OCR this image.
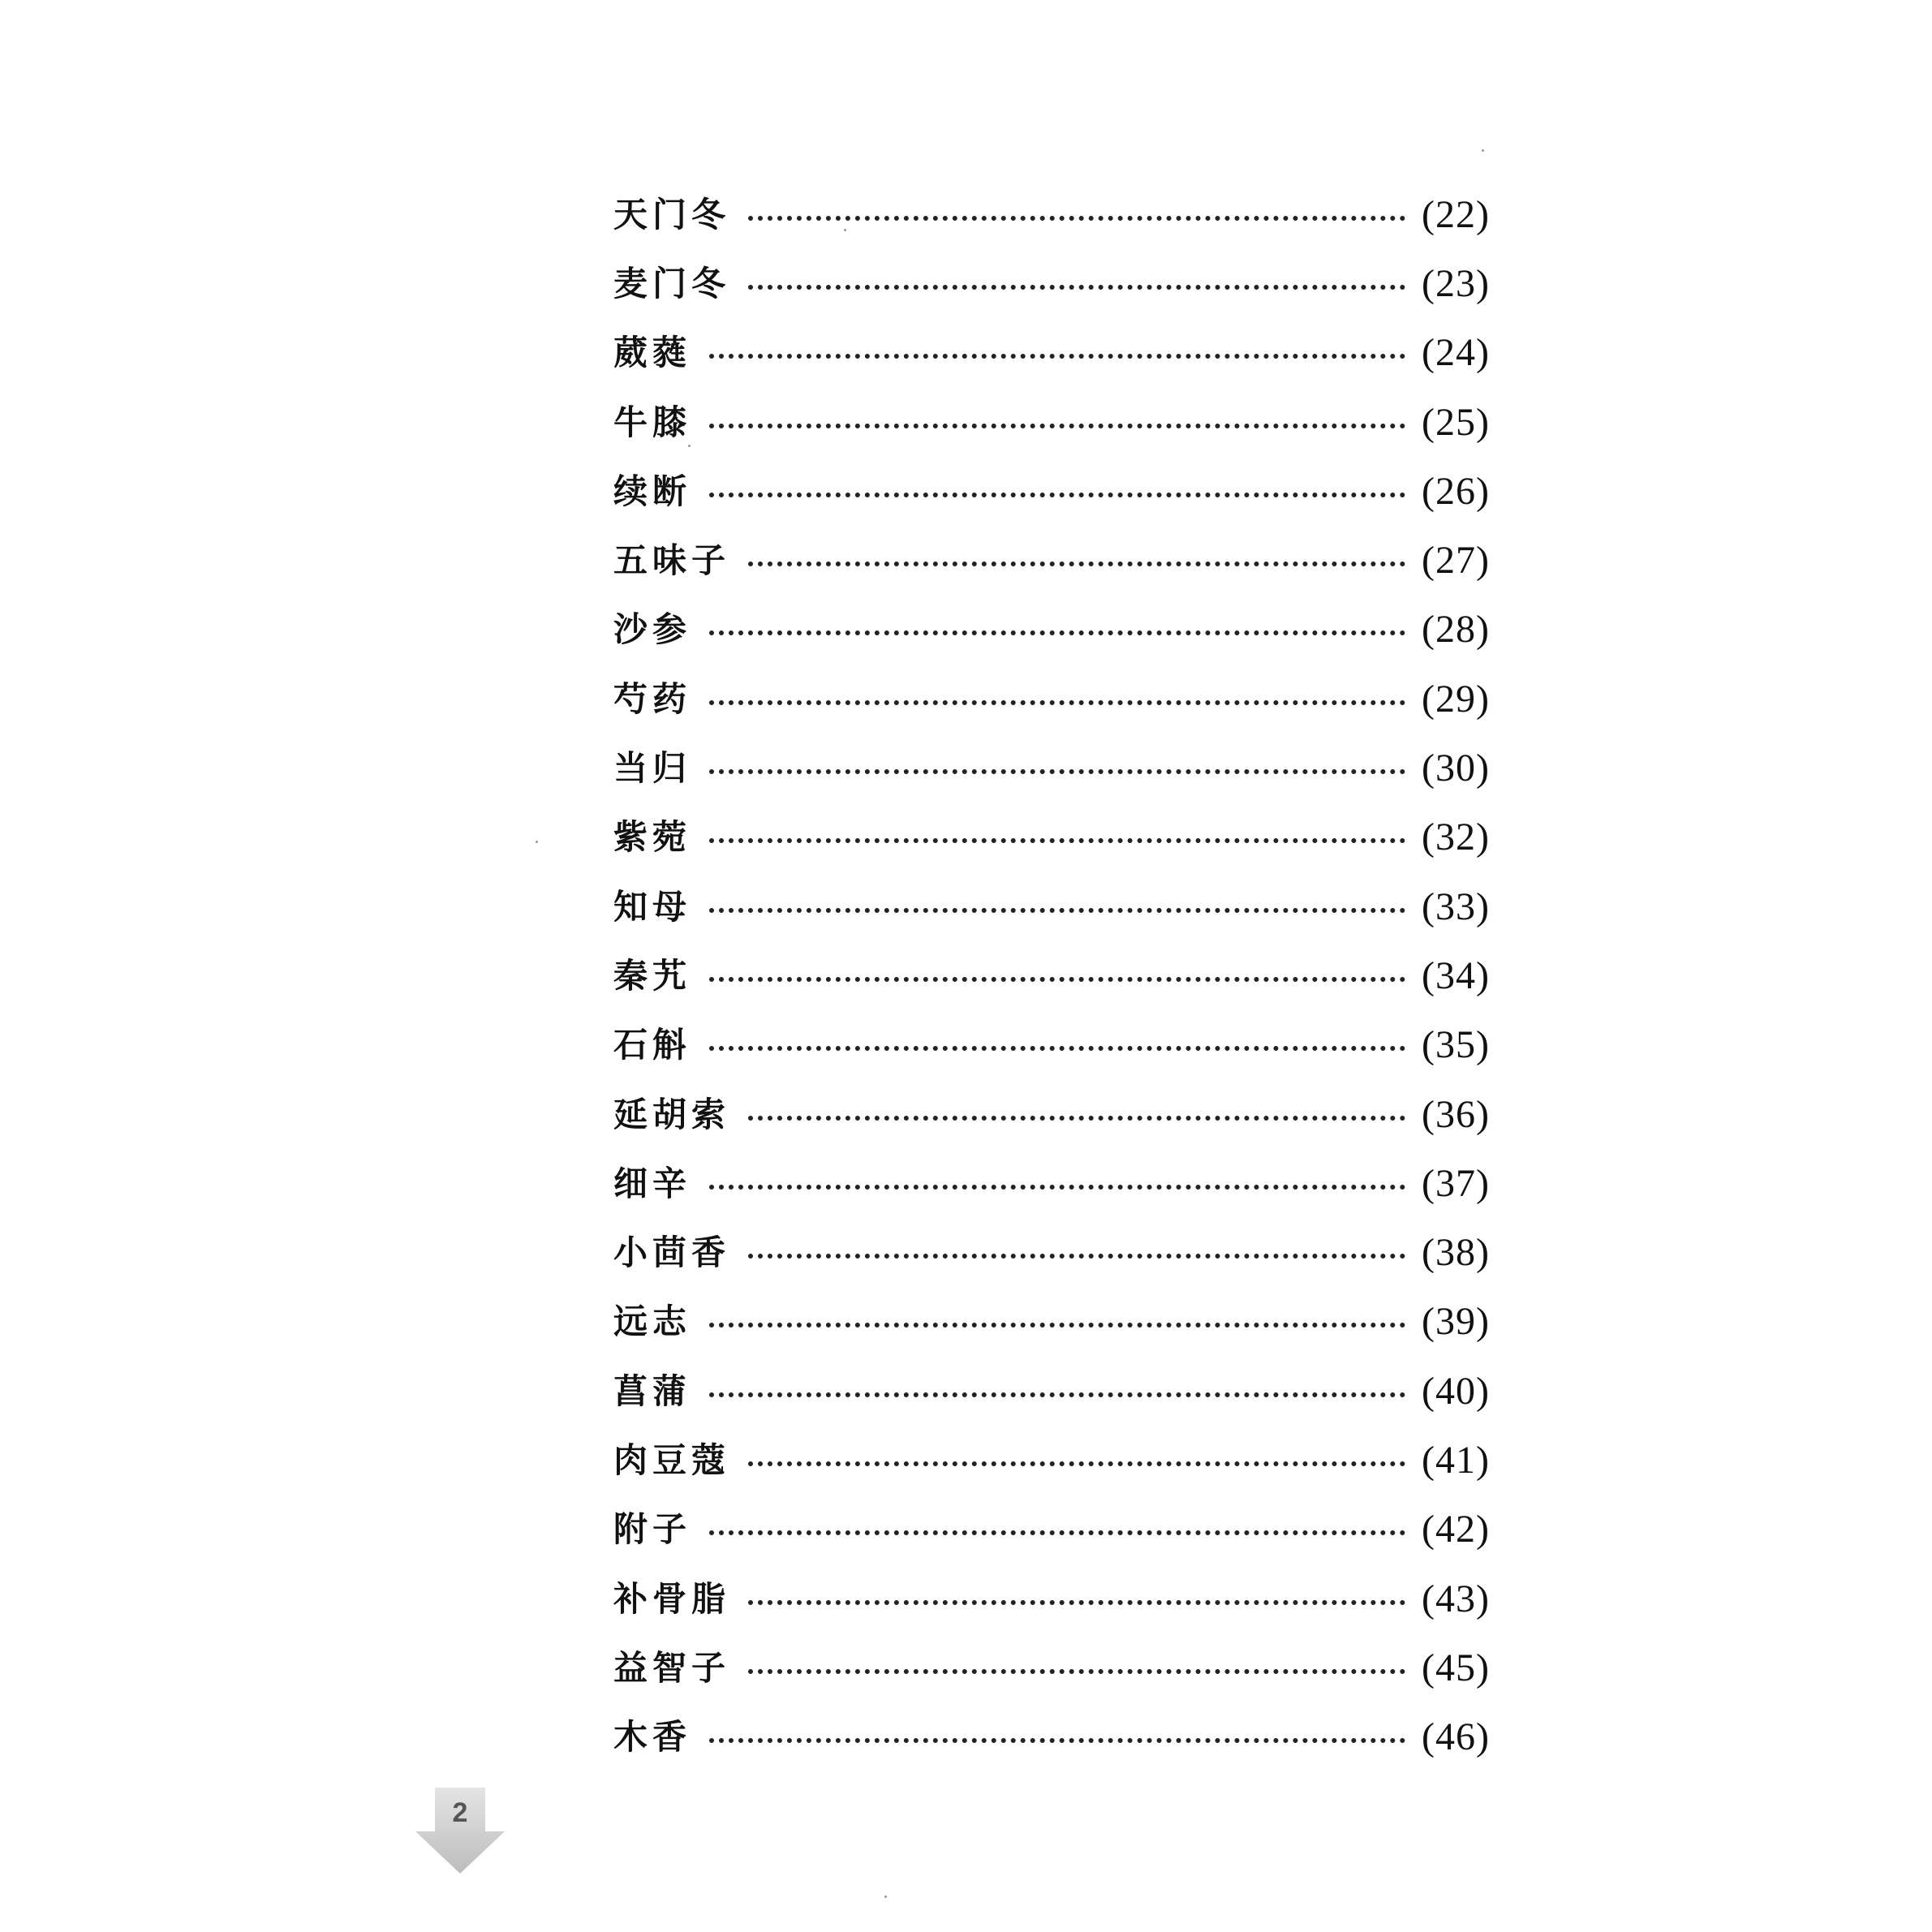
天门冬	(22)
麦门冬	(23)
葳蕤	(24)
牛膝	(25)
续断	(26)
五味子	(27)
沙参	(28)
芍药	(29)
当归	(30)
紫菀	(32)
知母	(33)
秦艽	(34)
石斛	(35)
延胡索	(36)
细辛	(37)
小茴香	(38)
远志	(39)
菖蒲	(40)
肉豆蔻	(41)
附子	(42)
补骨脂	(43)
益智子	(45)
木香	(46)
2
